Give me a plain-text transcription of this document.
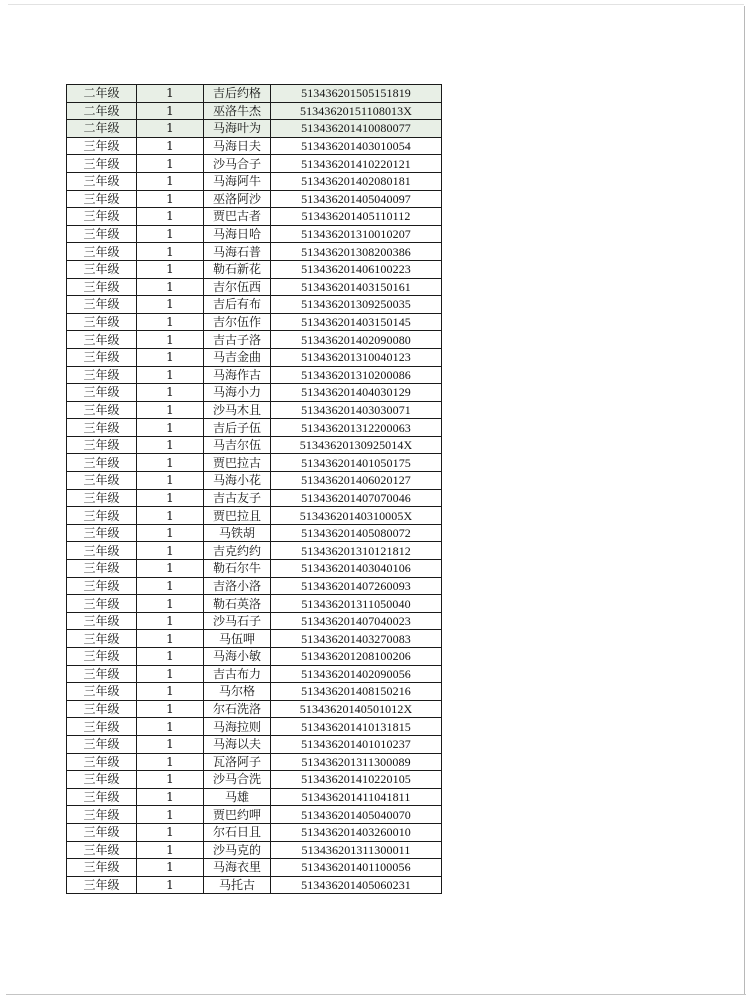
二年级	1	吉后约格	513436201505151819
二年级	1	巫洛牛杰	51343620151108013X
二年级	1	马海叶为	513436201410080077
三年级	1	马海日夫	513436201403010054
三年级	1	沙马合子	513436201410220121
三年级	1	马海阿牛	513436201402080181
三年级	1	巫洛阿沙	513436201405040097
三年级	1	贾巴古者	513436201405110112
三年级	1	马海日哈	513436201310010207
三年级	1	马海石普	513436201308200386
三年级	1	勒石新花	513436201406100223
三年级	1	吉尔伍西	513436201403150161
三年级	1	吉后有布	513436201309250035
三年级	1	吉尔伍作	513436201403150145
三年级	1	吉古子洛	513436201402090080
三年级	1	马吉金曲	513436201310040123
三年级	1	马海作古	513436201310200086
三年级	1	马海小力	513436201404030129
三年级	1	沙马木且	513436201403030071
三年级	1	吉后子伍	513436201312200063
三年级	1	马吉尔伍	51343620130925014X
三年级	1	贾巴拉古	513436201401050175
三年级	1	马海小花	513436201406020127
三年级	1	吉古友子	513436201407070046
三年级	1	贾巴拉且	51343620140310005X
三年级	1	马铁胡	513436201405080072
三年级	1	吉克约约	513436201310121812
三年级	1	勒石尔牛	513436201403040106
三年级	1	吉洛小洛	513436201407260093
三年级	1	勒石英洛	513436201311050040
三年级	1	沙马石子	513436201407040023
三年级	1	马伍呷	513436201403270083
三年级	1	马海小敏	513436201208100206
三年级	1	吉古布力	513436201402090056
三年级	1	马尔格	513436201408150216
三年级	1	尔石洗洛	51343620140501012X
三年级	1	马海拉则	513436201410131815
三年级	1	马海以夫	513436201401010237
三年级	1	瓦洛阿子	513436201311300089
三年级	1	沙马合洗	513436201410220105
三年级	1	马雄	513436201411041811
三年级	1	贾巴约呷	513436201405040070
三年级	1	尔石日且	513436201403260010
三年级	1	沙马克的	513436201311300011
三年级	1	马海衣里	513436201401100056
三年级	1	马托古	513436201405060231
